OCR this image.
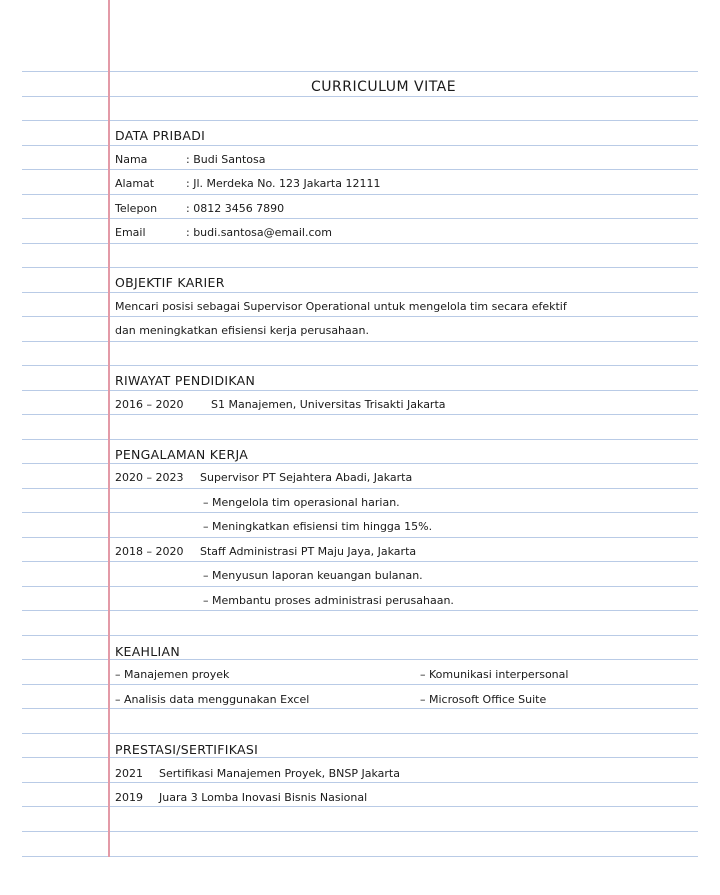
CURRICULUM VITAE
DATA PRIBADI
Nama	: Budi Santosa
Alamat	: Jl. Merdeka No. 123 Jakarta 12111
Telepon	: 0812 3456 7890
Email	: budi.santosa@email.com
OBJEKTIF KARIER
Mencari posisi sebagai Supervisor Operational untuk mengelola tim secara efektif
dan meningkatkan efisiensi kerja perusahaan.
RIWAYAT PENDIDIKAN
2016 – 2020	S1 Manajemen, Universitas Trisakti Jakarta
PENGALAMAN KERJA
2020 – 2023 Supervisor PT Sejahtera Abadi, Jakarta
– Mengelola tim operasional harian.
– Meningkatkan efisiensi tim hingga 15%.
2018 – 2020 Staff Administrasi PT Maju Jaya, Jakarta
– Menyusun laporan keuangan bulanan.
– Membantu proses administrasi perusahaan.
KEAHLIAN
– Manajemen proyek	– Komunikasi interpersonal
– Analisis data menggunakan Excel	– Microsoft Office Suite
PRESTASI/SERTIFIKASI
2021 Sertifikasi Manajemen Proyek, BNSP Jakarta
2019 Juara 3 Lomba Inovasi Bisnis Nasional
